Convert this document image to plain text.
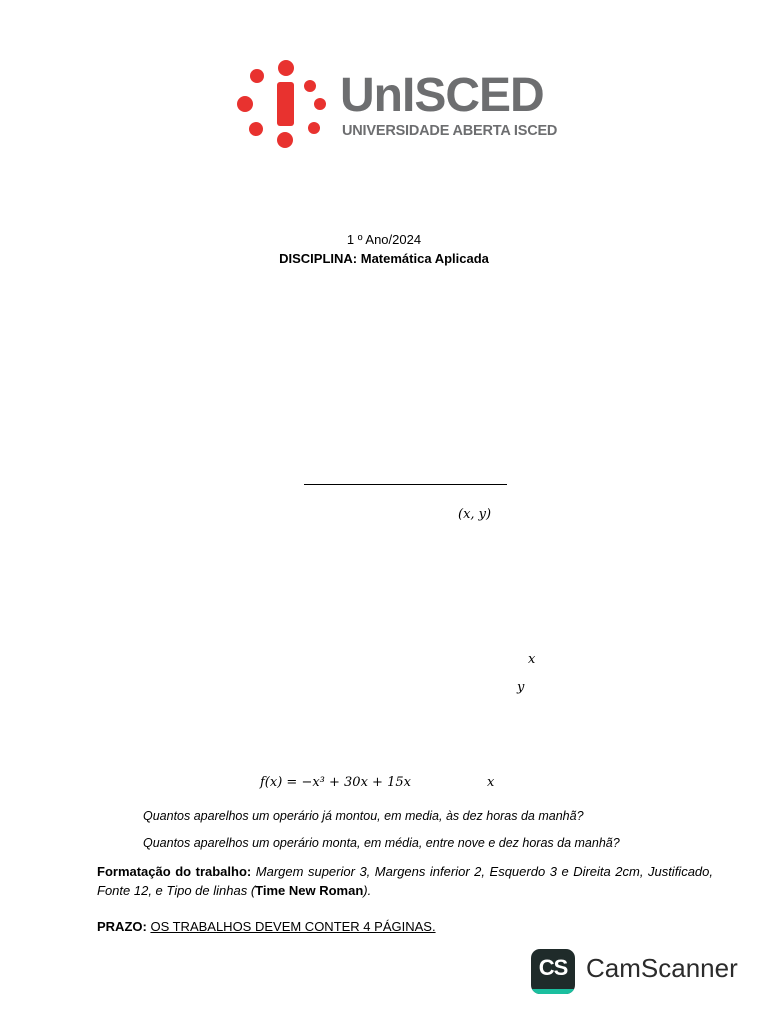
UnISCED
UNIVERSIDADE ABERTA ISCED
1 º Ano/2024
DISCIPLINA: Matemática Aplicada
(x, y)
x
y
f(x) = −x³ + 30x + 15x	x
Quantos aparelhos um operário já montou, em media, às dez horas da manhã?
Quantos aparelhos um operário monta, em média, entre nove e dez horas da manhã?
Formatação do trabalho: Margem superior 3, Margens inferior 2, Esquerdo 3 e Direita 2cm, Justificado, Fonte 12, e Tipo de linhas (Time New Roman).
PRAZO: OS TRABALHOS DEVEM CONTER 4 PÁGINAS.
CS CamScanner
